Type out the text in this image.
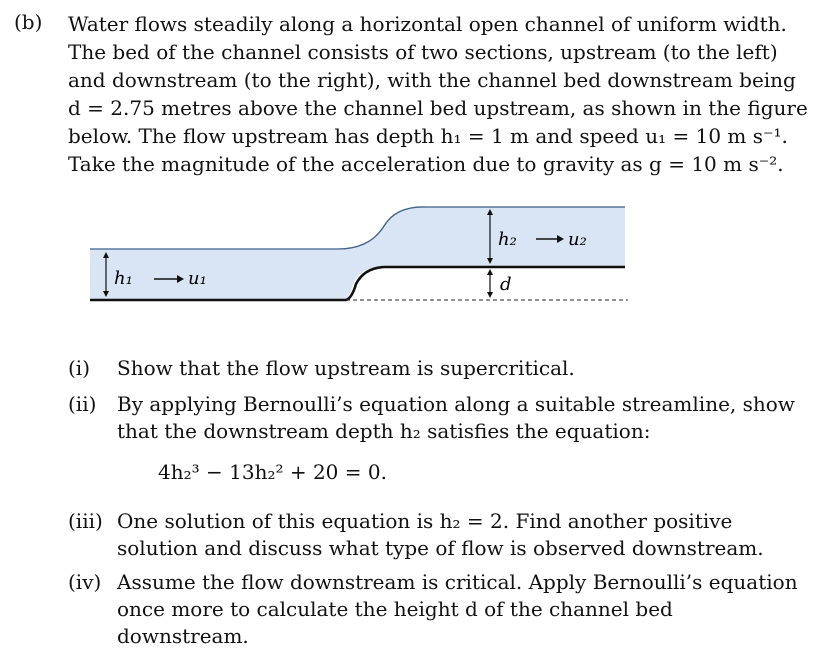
(b) Water flows steadily along a horizontal open channel of uniform width.
The bed of the channel consists of two sections, upstream (to the left)
and downstream (to the right), with the channel bed downstream being
d = 2.75 metres above the channel bed upstream, as shown in the figure
below. The flow upstream has depth h₁ = 1 m and speed u₁ = 10 m s⁻¹.
Take the magnitude of the acceleration due to gravity as g = 10 m s⁻².
h₁	u₁
h₂	u₂
d
(i) Show that the flow upstream is supercritical.
(ii) By applying Bernoulli’s equation along a suitable streamline, show
that the downstream depth h₂ satisfies the equation:
4h₂³ − 13h₂² + 20 = 0.
(iii) One solution of this equation is h₂ = 2. Find another positive
solution and discuss what type of flow is observed downstream.
(iv) Assume the flow downstream is critical. Apply Bernoulli’s equation
once more to calculate the height d of the channel bed
downstream.
